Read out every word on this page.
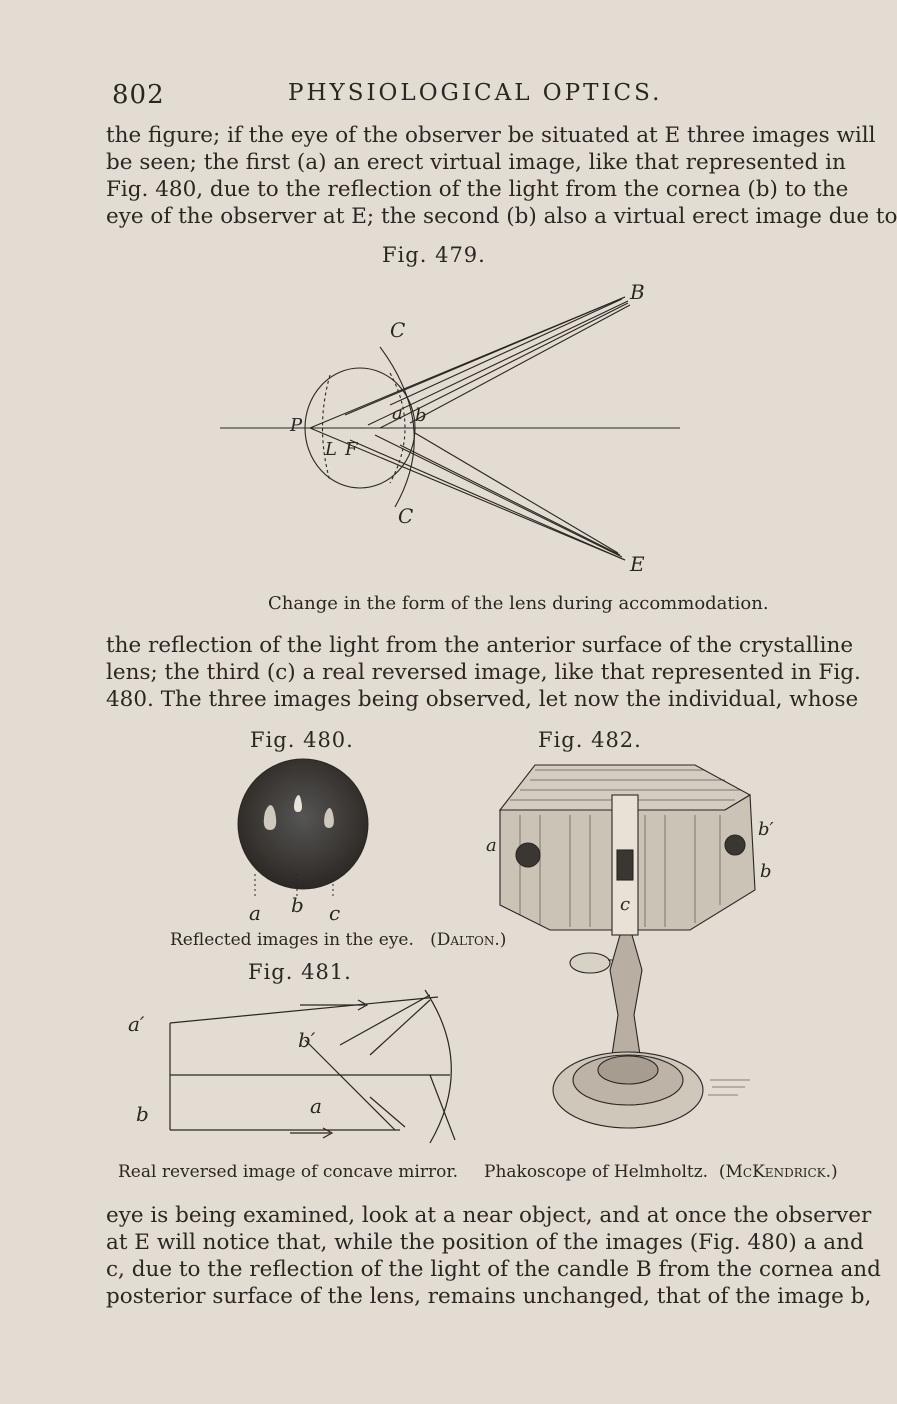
802	PHYSIOLOGICAL OPTICS.
the figure; if the eye of the observer be situated at E three images will
be seen; the first (a) an erect virtual image, like that represented in
Fig. 480, due to the reflection of the light from the cornea (b) to the
eye of the observer at E; the second (b) also a virtual erect image due to
Fig. 479.
B
C
P
a b
L F
C
E
Change in the form of the lens during accommodation.
the reflection of the light from the anterior surface of the crystalline
lens; the third (c) a real reversed image, like that represented in Fig.
480. The three images being observed, let now the individual, whose
Fig. 480.
a b c
Reflected images in the eye. (Dalton.)
Fig. 481.
a′
b′
b	a
Real reversed image of concave mirror.
Fig. 482.
a
b′
b
c
Phakoscope of Helmholtz. (McKendrick.)
eye is being examined, look at a near object, and at once the observer
at E will notice that, while the position of the images (Fig. 480) a and
c, due to the reflection of the light of the candle B from the cornea and
posterior surface of the lens, remains unchanged, that of the image b,
